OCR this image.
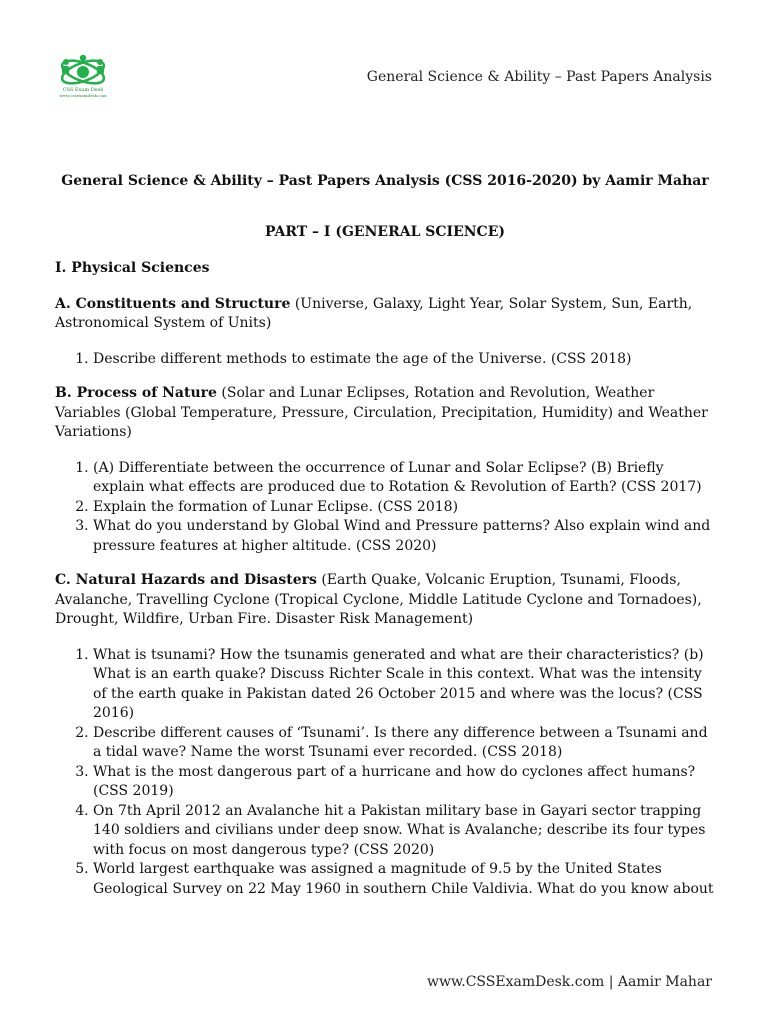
CSS Exam Desk
www.cssexamdesk.com
General Science & Ability – Past Papers Analysis
General Science & Ability – Past Papers Analysis (CSS 2016-2020) by Aamir Mahar
PART – I (GENERAL SCIENCE)
I. Physical Sciences
A. Constituents and Structure (Universe, Galaxy, Light Year, Solar System, Sun, Earth, Astronomical System of Units)
1. Describe different methods to estimate the age of the Universe. (CSS 2018)
B. Process of Nature (Solar and Lunar Eclipses, Rotation and Revolution, Weather Variables (Global Temperature, Pressure, Circulation, Precipitation, Humidity) and Weather Variations)
1. (A) Differentiate between the occurrence of Lunar and Solar Eclipse? (B) Briefly explain what effects are produced due to Rotation & Revolution of Earth? (CSS 2017)
2. Explain the formation of Lunar Eclipse. (CSS 2018)
3. What do you understand by Global Wind and Pressure patterns? Also explain wind and pressure features at higher altitude. (CSS 2020)
C. Natural Hazards and Disasters (Earth Quake, Volcanic Eruption, Tsunami, Floods, Avalanche, Travelling Cyclone (Tropical Cyclone, Middle Latitude Cyclone and Tornadoes), Drought, Wildfire, Urban Fire. Disaster Risk Management)
1. What is tsunami? How the tsunamis generated and what are their characteristics? (b) What is an earth quake? Discuss Richter Scale in this context. What was the intensity of the earth quake in Pakistan dated 26 October 2015 and where was the locus? (CSS 2016)
2. Describe different causes of ‘Tsunami’. Is there any difference between a Tsunami and a tidal wave? Name the worst Tsunami ever recorded. (CSS 2018)
3. What is the most dangerous part of a hurricane and how do cyclones affect humans? (CSS 2019)
4. On 7th April 2012 an Avalanche hit a Pakistan military base in Gayari sector trapping 140 soldiers and civilians under deep snow. What is Avalanche; describe its four types with focus on most dangerous type? (CSS 2020)
5. World largest earthquake was assigned a magnitude of 9.5 by the United States Geological Survey on 22 May 1960 in southern Chile Valdivia. What do you know about
www.CSSExamDesk.com | Aamir Mahar
